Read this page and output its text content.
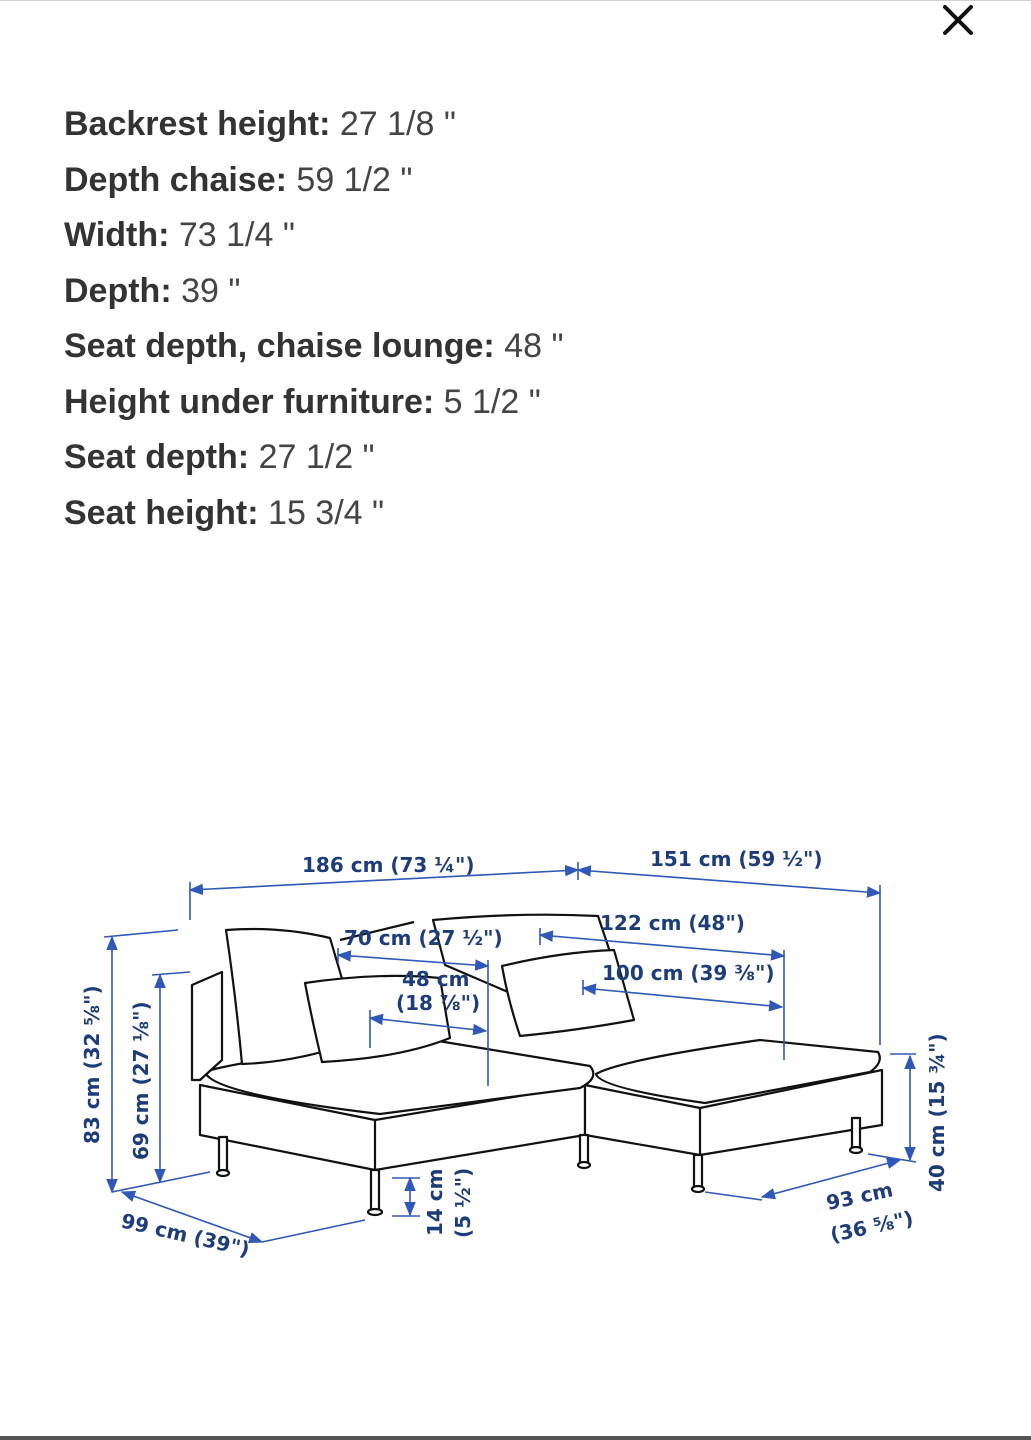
Backrest height: 27 1/8 "
Depth chaise: 59 1/2 "
Width: 73 1/4 "
Depth: 39 "
Seat depth, chaise lounge: 48 "
Height under furniture: 5 1/2 "
Seat depth: 27 1/2 "
Seat height: 15 3/4 "
186 cm (73 ¼")	151 cm (59 ½")
122 cm (48")
70 cm (27 ½")
100 cm (39 ⅜")
48 cm
(18 ⅞")
83 cm (32 ⅝") 69 cm (27 ⅛")
99 cm (39")	14 cm (5 ½")	93 cm
(36 ⅝")
40 cm (15 ¾")
